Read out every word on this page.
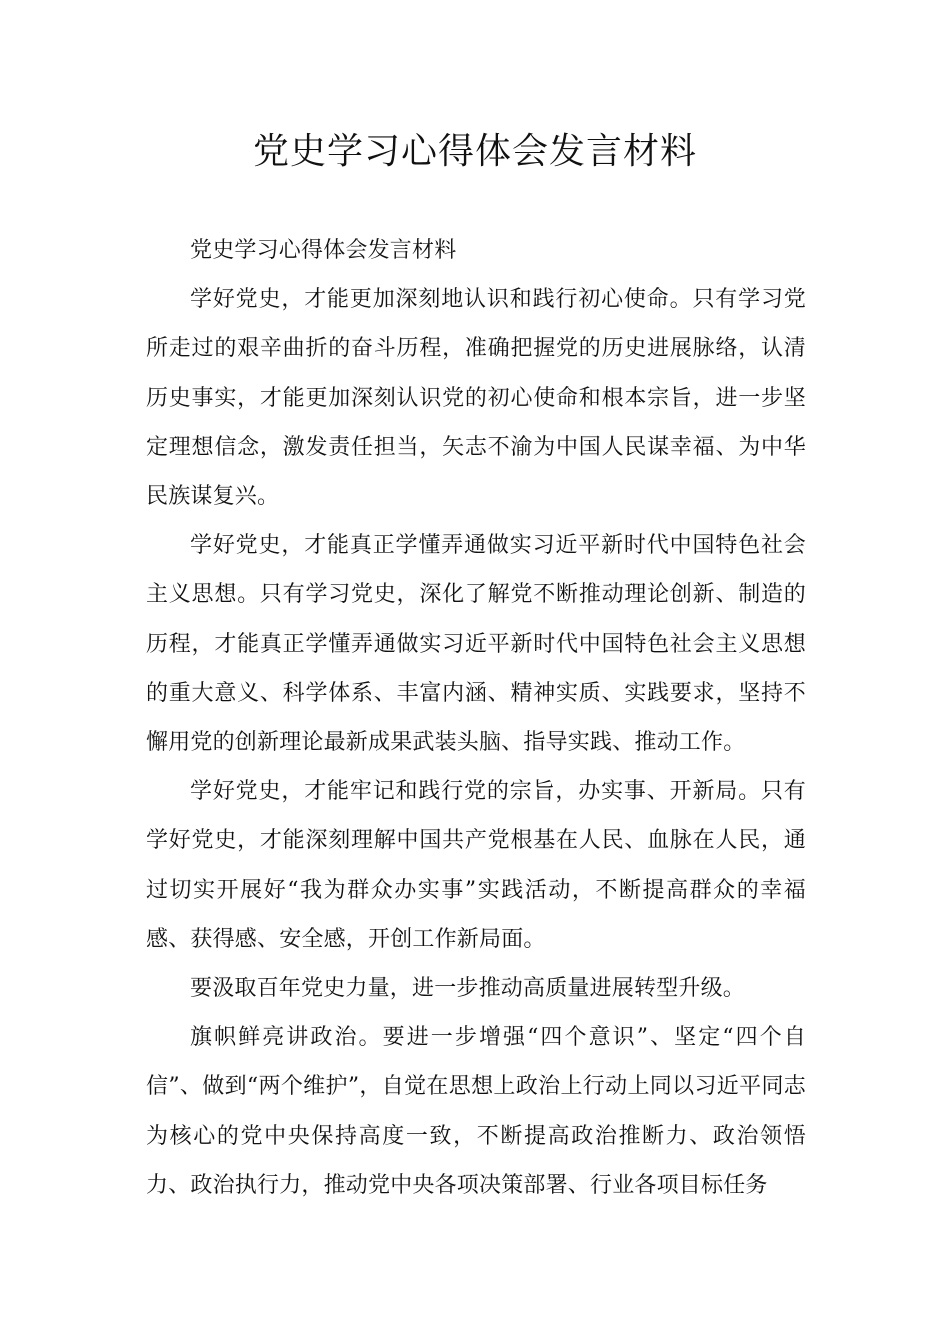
党史学习心得体会发言材料

党史学习心得体会发言材料

学好党史，才能更加深刻地认识和践行初心使命。只有学习党所走过的艰辛曲折的奋斗历程，准确把握党的历史进展脉络，认清历史事实，才能更加深刻认识党的初心使命和根本宗旨，进一步坚定理想信念，激发责任担当，矢志不渝为中国人民谋幸福、为中华民族谋复兴。

学好党史，才能真正学懂弄通做实习近平新时代中国特色社会主义思想。只有学习党史，深化了解党不断推动理论创新、制造的历程，才能真正学懂弄通做实习近平新时代中国特色社会主义思想的重大意义、科学体系、丰富内涵、精神实质、实践要求，坚持不懈用党的创新理论最新成果武装头脑、指导实践、推动工作。

学好党史，才能牢记和践行党的宗旨，办实事、开新局。只有学好党史，才能深刻理解中国共产党根基在人民、血脉在人民，通过切实开展好“我为群众办实事”实践活动，不断提高群众的幸福感、获得感、安全感，开创工作新局面。

要汲取百年党史力量，进一步推动高质量进展转型升级。

旗帜鲜亮讲政治。要进一步增强“四个意识”、坚定“四个自信”、做到“两个维护”，自觉在思想上政治上行动上同以习近平同志为核心的党中央保持高度一致，不断提高政治推断力、政治领悟力、政治执行力，推动党中央各项决策部署、行业各项目标任务
